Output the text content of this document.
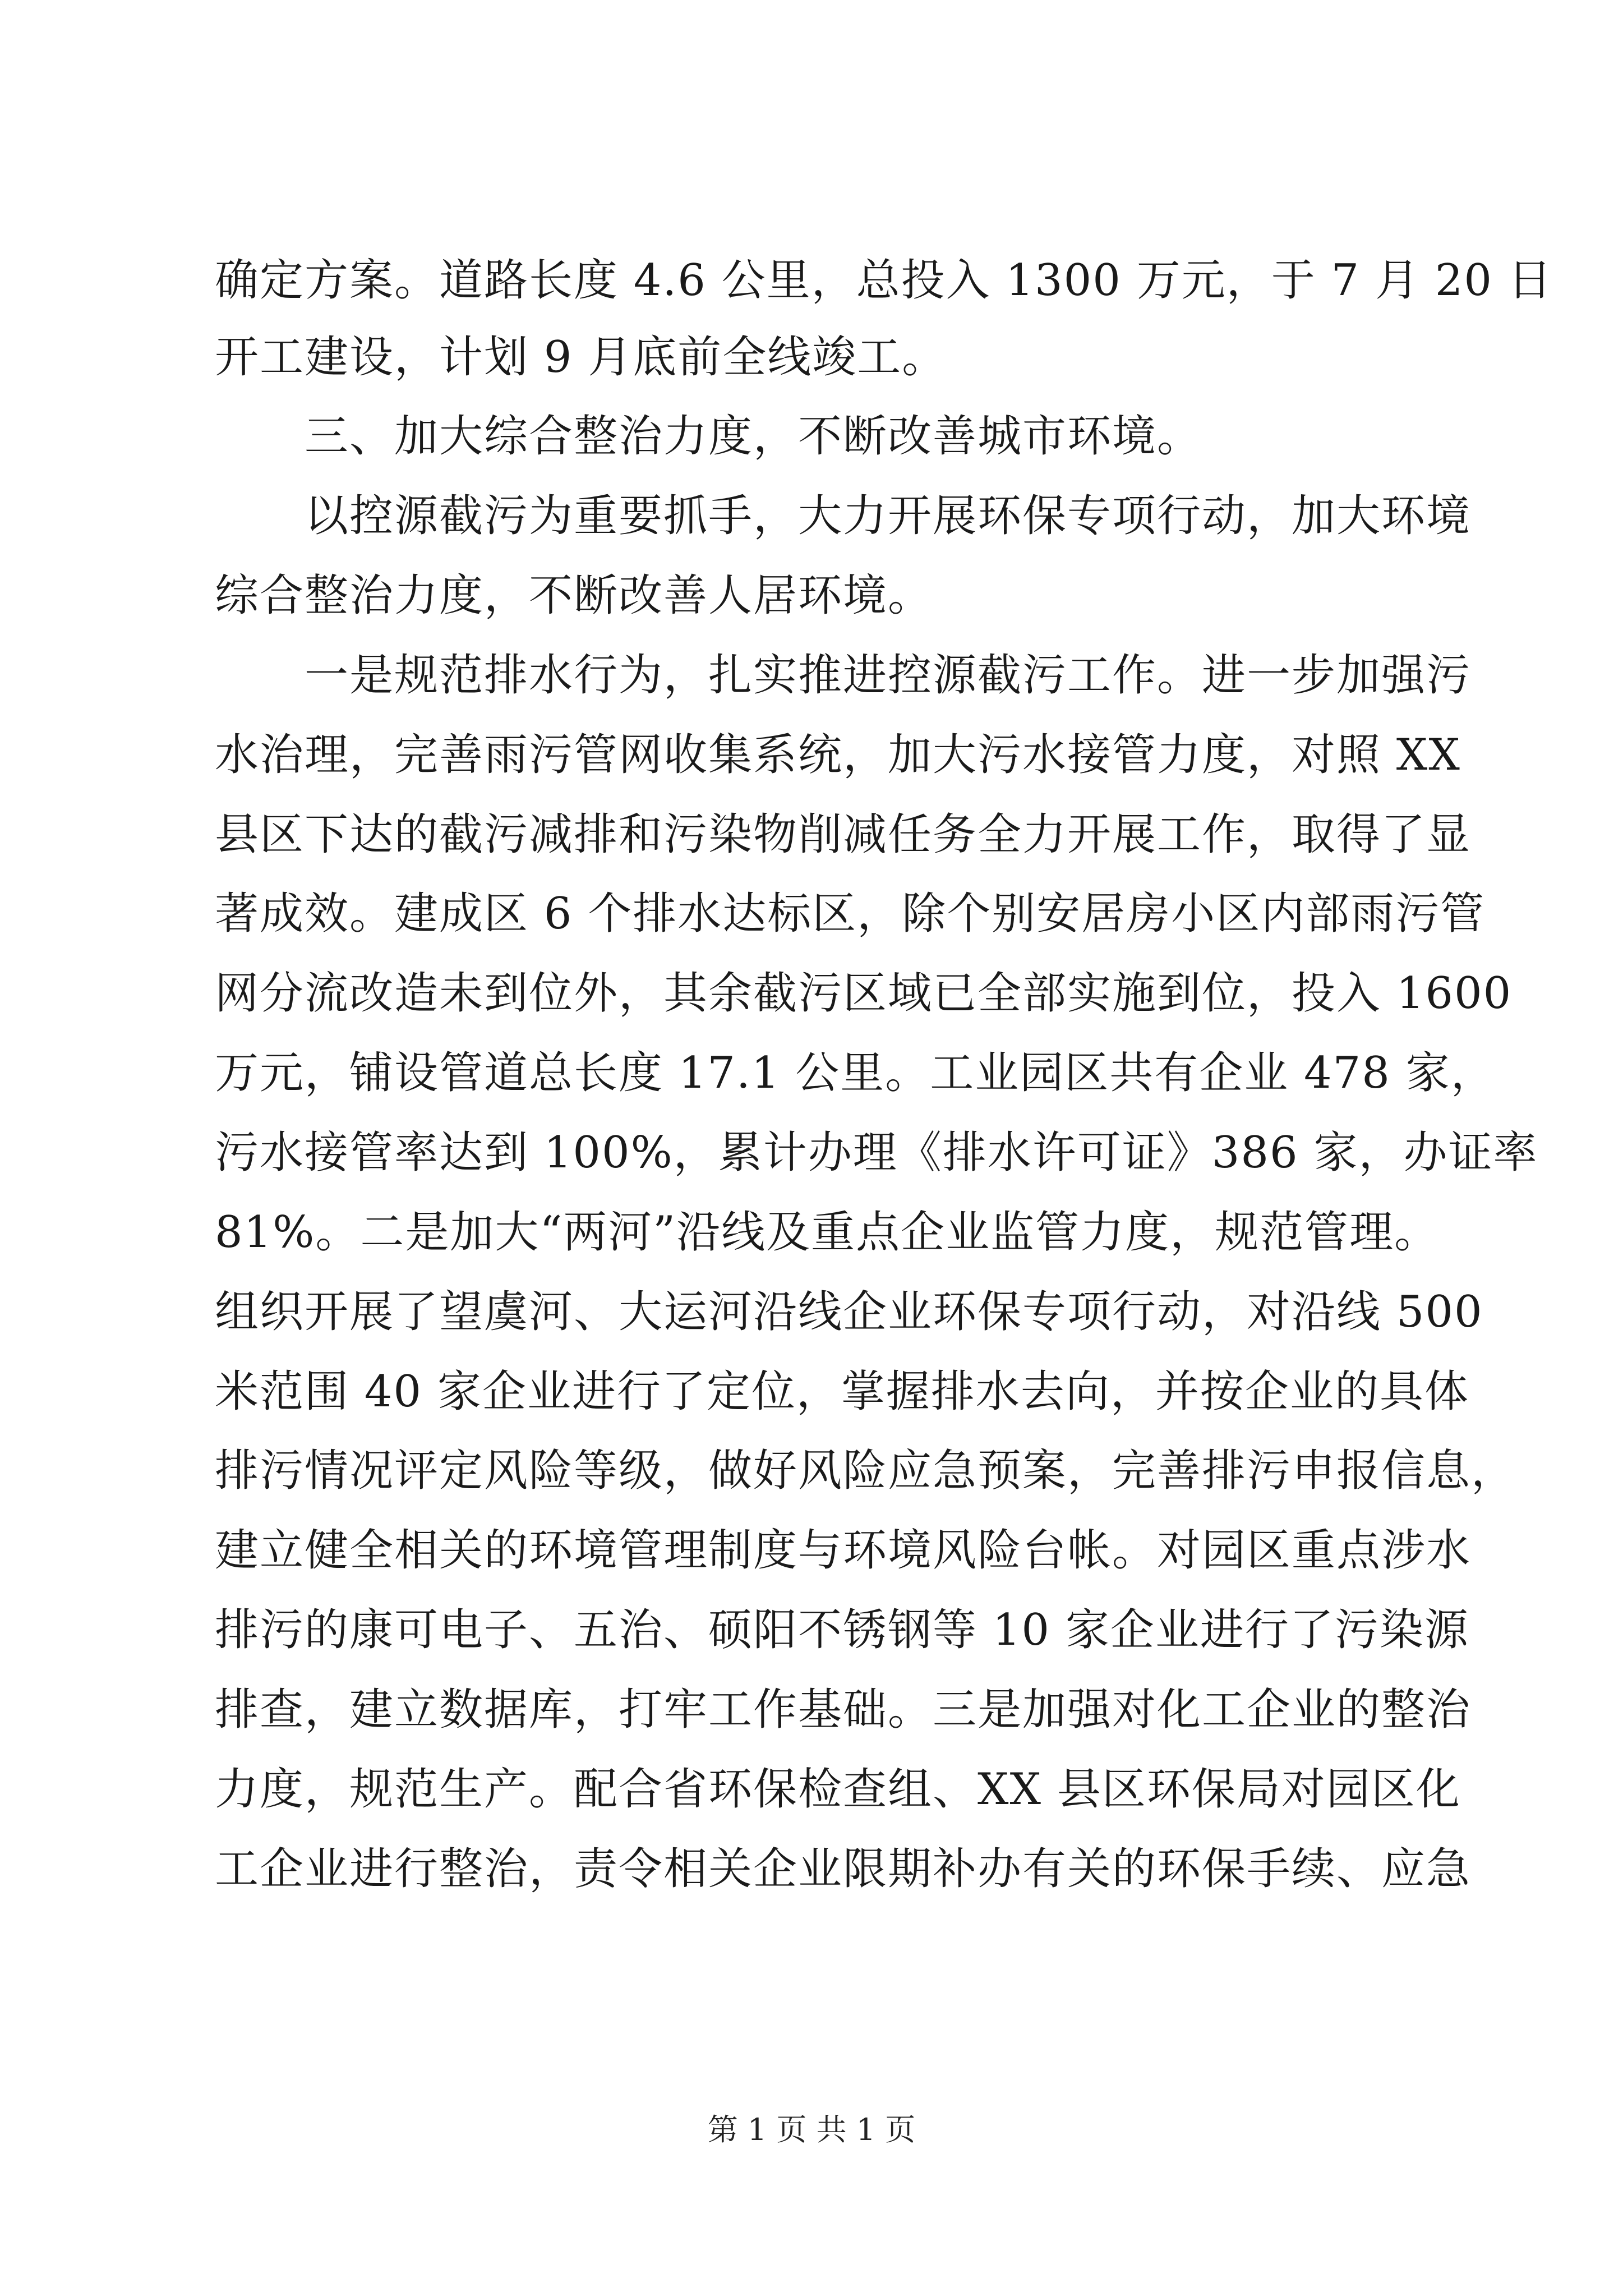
确定方案。道路长度 4.6 公里，总投入 1300 万元，于 7 月 20 日
开工建设，计划 9 月底前全线竣工。
三、加大综合整治力度，不断改善城市环境。
以控源截污为重要抓手，大力开展环保专项行动，加大环境
综合整治力度，不断改善人居环境。
一是规范排水行为，扎实推进控源截污工作。进一步加强污
水治理，完善雨污管网收集系统，加大污水接管力度，对照 XX
县区下达的截污减排和污染物削减任务全力开展工作，取得了显
著成效。建成区 6 个排水达标区，除个别安居房小区内部雨污管
网分流改造未到位外，其余截污区域已全部实施到位，投入 1600
万元，铺设管道总长度 17.1 公里。工业园区共有企业 478 家，
污水接管率达到 100%，累计办理《排水许可证》386 家，办证率
81%。二是加大“两河”沿线及重点企业监管力度，规范管理。
组织开展了望虞河、大运河沿线企业环保专项行动，对沿线 500
米范围 40 家企业进行了定位，掌握排水去向，并按企业的具体
排污情况评定风险等级，做好风险应急预案，完善排污申报信息，
建立健全相关的环境管理制度与环境风险台帐。对园区重点涉水
排污的康可电子、五治、硕阳不锈钢等 10 家企业进行了污染源
排查，建立数据库，打牢工作基础。三是加强对化工企业的整治
力度，规范生产。配合省环保检查组、XX 县区环保局对园区化
工企业进行整治，责令相关企业限期补办有关的环保手续、应急
第 1 页 共 1 页
